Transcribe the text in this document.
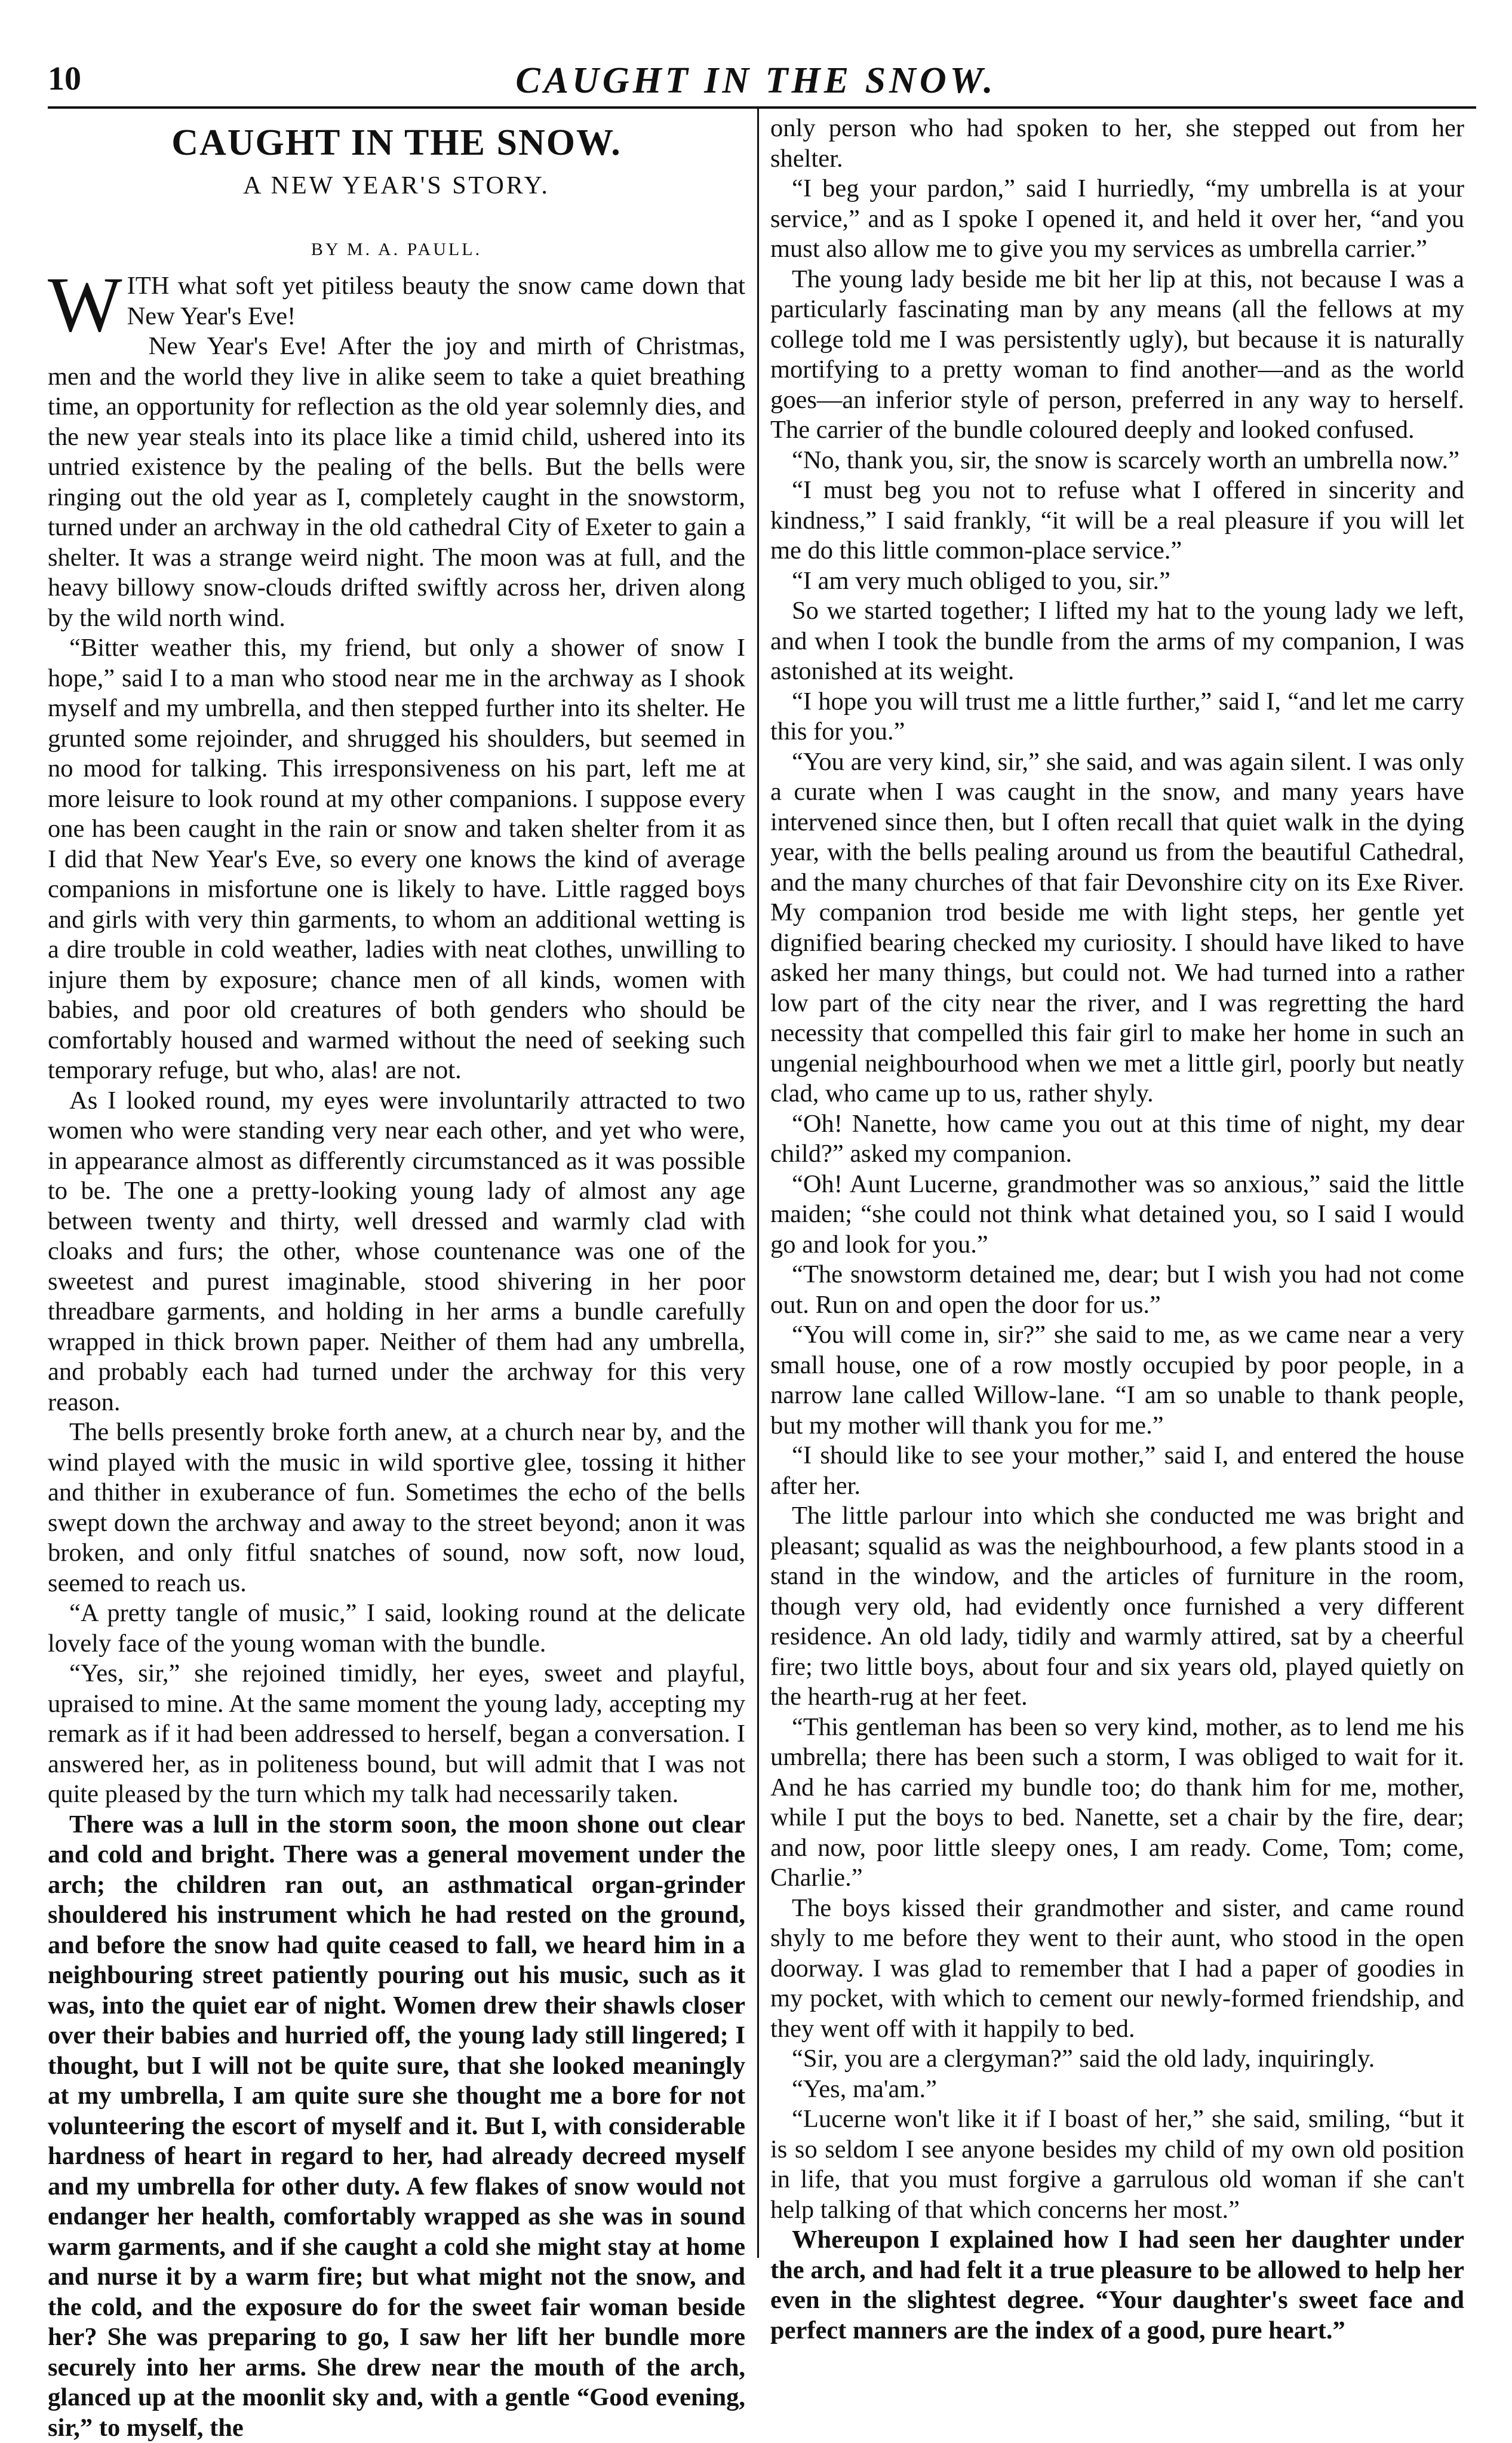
10	CAUGHT IN THE SNOW.
CAUGHT IN THE SNOW.
A NEW YEAR'S STORY.
BY M. A. PAULL.

WITH what soft yet pitiless beauty the snow came down that New Year's Eve!

New Year's Eve! After the joy and mirth of Christmas, men and the world they live in alike seem to take a quiet breathing time, an opportunity for reflection as the old year solemnly dies, and the new year steals into its place like a timid child, ushered into its untried existence by the pealing of the bells. But the bells were ringing out the old year as I, completely caught in the snowstorm, turned under an archway in the old cathedral City of Exeter to gain a shelter. It was a strange weird night. The moon was at full, and the heavy billowy snow-clouds drifted swiftly across her, driven along by the wild north wind.

“Bitter weather this, my friend, but only a shower of snow I hope,” said I to a man who stood near me in the archway as I shook myself and my umbrella, and then stepped further into its shelter. He grunted some rejoinder, and shrugged his shoulders, but seemed in no mood for talking. This irresponsiveness on his part, left me at more leisure to look round at my other companions. I suppose every one has been caught in the rain or snow and taken shelter from it as I did that New Year's Eve, so every one knows the kind of average companions in misfortune one is likely to have. Little ragged boys and girls with very thin garments, to whom an additional wetting is a dire trouble in cold weather, ladies with neat clothes, unwilling to injure them by exposure; chance men of all kinds, women with babies, and poor old creatures of both genders who should be comfortably housed and warmed without the need of seeking such temporary refuge, but who, alas! are not.

As I looked round, my eyes were involuntarily attracted to two women who were standing very near each other, and yet who were, in appearance almost as differently circumstanced as it was possible to be. The one a pretty-looking young lady of almost any age between twenty and thirty, well dressed and warmly clad with cloaks and furs; the other, whose countenance was one of the sweetest and purest imaginable, stood shivering in her poor threadbare garments, and holding in her arms a bundle carefully wrapped in thick brown paper. Neither of them had any umbrella, and probably each had turned under the archway for this very reason.

The bells presently broke forth anew, at a church near by, and the wind played with the music in wild sportive glee, tossing it hither and thither in exuberance of fun. Sometimes the echo of the bells swept down the archway and away to the street beyond; anon it was broken, and only fitful snatches of sound, now soft, now loud, seemed to reach us.

“A pretty tangle of music,” I said, looking round at the delicate lovely face of the young woman with the bundle.

“Yes, sir,” she rejoined timidly, her eyes, sweet and playful, upraised to mine. At the same moment the young lady, accepting my remark as if it had been addressed to herself, began a conversation. I answered her, as in politeness bound, but will admit that I was not quite pleased by the turn which my talk had necessarily taken.

There was a lull in the storm soon, the moon shone out clear and cold and bright. There was a general movement under the arch; the children ran out, an asthmatical organ-grinder shouldered his instrument which he had rested on the ground, and before the snow had quite ceased to fall, we heard him in a neighbouring street patiently pouring out his music, such as it was, into the quiet ear of night. Women drew their shawls closer over their babies and hurried off, the young lady still lingered; I thought, but I will not be quite sure, that she looked meaningly at my umbrella, I am quite sure she thought me a bore for not volunteering the escort of myself and it. But I, with considerable hardness of heart in regard to her, had already decreed myself and my umbrella for other duty. A few flakes of snow would not endanger her health, comfortably wrapped as she was in sound warm garments, and if she caught a cold she might stay at home and nurse it by a warm fire; but what might not the snow, and the cold, and the exposure do for the sweet fair woman beside her? She was preparing to go, I saw her lift her bundle more securely into her arms. She drew near the mouth of the arch, glanced up at the moonlit sky and, with a gentle “Good evening, sir,” to myself, the

only person who had spoken to her, she stepped out from her shelter.

“I beg your pardon,” said I hurriedly, “my umbrella is at your service,” and as I spoke I opened it, and held it over her, “and you must also allow me to give you my services as umbrella carrier.”

The young lady beside me bit her lip at this, not because I was a particularly fascinating man by any means (all the fellows at my college told me I was persistently ugly), but because it is naturally mortifying to a pretty woman to find another—and as the world goes—an inferior style of person, preferred in any way to herself. The carrier of the bundle coloured deeply and looked confused.

“No, thank you, sir, the snow is scarcely worth an umbrella now.”

“I must beg you not to refuse what I offered in sincerity and kindness,” I said frankly, “it will be a real pleasure if you will let me do this little common-place service.”

“I am very much obliged to you, sir.”

So we started together; I lifted my hat to the young lady we left, and when I took the bundle from the arms of my companion, I was astonished at its weight.

“I hope you will trust me a little further,” said I, “and let me carry this for you.”

“You are very kind, sir,” she said, and was again silent. I was only a curate when I was caught in the snow, and many years have intervened since then, but I often recall that quiet walk in the dying year, with the bells pealing around us from the beautiful Cathedral, and the many churches of that fair Devonshire city on its Exe River. My companion trod beside me with light steps, her gentle yet dignified bearing checked my curiosity. I should have liked to have asked her many things, but could not. We had turned into a rather low part of the city near the river, and I was regretting the hard necessity that compelled this fair girl to make her home in such an ungenial neighbourhood when we met a little girl, poorly but neatly clad, who came up to us, rather shyly.

“Oh! Nanette, how came you out at this time of night, my dear child?” asked my companion.

“Oh! Aunt Lucerne, grandmother was so anxious,” said the little maiden; “she could not think what detained you, so I said I would go and look for you.”

“The snowstorm detained me, dear; but I wish you had not come out. Run on and open the door for us.”

“You will come in, sir?” she said to me, as we came near a very small house, one of a row mostly occupied by poor people, in a narrow lane called Willow-lane. “I am so unable to thank people, but my mother will thank you for me.”

“I should like to see your mother,” said I, and entered the house after her.

The little parlour into which she conducted me was bright and pleasant; squalid as was the neighbourhood, a few plants stood in a stand in the window, and the articles of furniture in the room, though very old, had evidently once furnished a very different residence. An old lady, tidily and warmly attired, sat by a cheerful fire; two little boys, about four and six years old, played quietly on the hearth-rug at her feet.

“This gentleman has been so very kind, mother, as to lend me his umbrella; there has been such a storm, I was obliged to wait for it. And he has carried my bundle too; do thank him for me, mother, while I put the boys to bed. Nanette, set a chair by the fire, dear; and now, poor little sleepy ones, I am ready. Come, Tom; come, Charlie.”

The boys kissed their grandmother and sister, and came round shyly to me before they went to their aunt, who stood in the open doorway. I was glad to remember that I had a paper of goodies in my pocket, with which to cement our newly-formed friendship, and they went off with it happily to bed.

“Sir, you are a clergyman?” said the old lady, inquiringly.

“Yes, ma'am.”

“Lucerne won't like it if I boast of her,” she said, smiling, “but it is so seldom I see anyone besides my child of my own old position in life, that you must forgive a garrulous old woman if she can't help talking of that which concerns her most.”

Whereupon I explained how I had seen her daughter under the arch, and had felt it a true pleasure to be allowed to help her even in the slightest degree. “Your daughter's sweet face and perfect manners are the index of a good, pure heart.”
